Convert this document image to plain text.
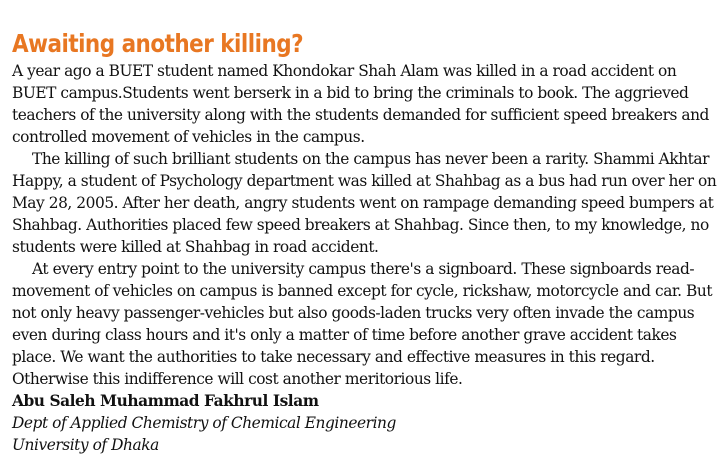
Awaiting another killing?

A year ago a BUET student named Khondokar Shah Alam was killed in a road accident on BUET campus.Students went berserk in a bid to bring the criminals to book. The aggrieved teachers of the university along with the students demanded for sufficient speed breakers and controlled movement of vehicles in the campus.

The killing of such brilliant students on the campus has never been a rarity. Shammi Akhtar Happy, a student of Psychology department was killed at Shahbag as a bus had run over her on May 28, 2005. After her death, angry students went on rampage demanding speed bumpers at Shahbag. Authorities placed few speed breakers at Shahbag. Since then, to my knowledge, no students were killed at Shahbag in road accident.

At every entry point to the university campus there's a signboard. These signboards read- movement of vehicles on campus is banned except for cycle, rickshaw, motorcycle and car. But not only heavy passenger-vehicles but also goods-laden trucks very often invade the campus even during class hours and it's only a matter of time before another grave accident takes place. We want the authorities to take necessary and effective measures in this regard. Otherwise this indifference will cost another meritorious life.

Abu Saleh Muhammad Fakhrul Islam
Dept of Applied Chemistry of Chemical Engineering
University of Dhaka
